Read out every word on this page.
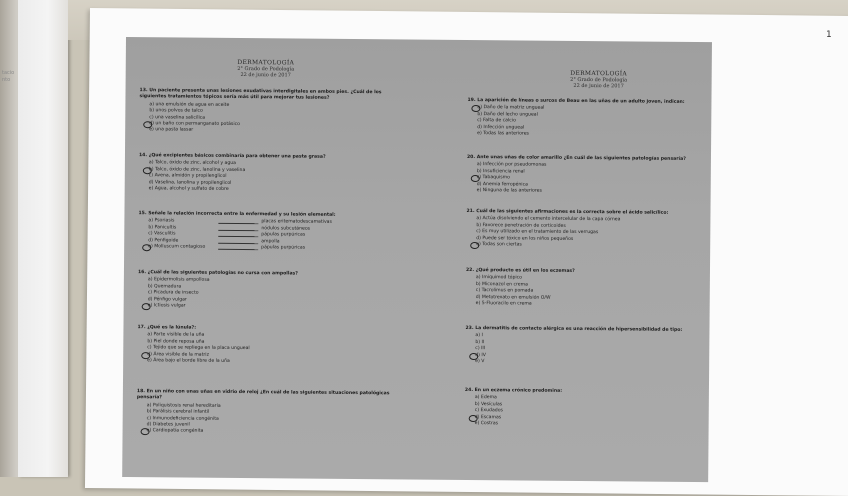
tacio
nto
1
DERMATOLOGÍA
2° Grado de Podología
22 de junio de 2017
13. Un paciente presenta unas lesiones exudativas interdigitales en ambos pies. ¿Cuál de los siguientes tratamientos tópicos sería más útil para mejorar tus lesiones?
a) una emulsión de agua en aceite
b) unos polvos de talco
c) una vaselina salicílica
d) un baño con permanganato potásico
e) una pasta lassar
14. ¿Qué excipientes básicos combinaría para obtener una pasta grasa?
a) Talco, óxido de zinc, alcohol y agua
b) Talco, óxido de zinc, lanolina y vaselina
c) Avena, almidón y propilenglicol
d) Vaselina, lanolina y propilenglicol
e) Agua, alcohol y sulfato de cobre
15. Señale la relación incorrecta entre la enfermedad y su lesión elemental:
a) Psoriasis	placas eritematodescamativas
b) Panicultis	nódulos subcutáneos
c) Vasculitis	pápulas purpúricas
d) Penfigoide	ampolla
e) Molluscum contagioso	pápulas purpúricas
16. ¿Cuál de las siguientes patologías no cursa con ampollas?
a) Epidermolisis ampollosa
b) Quemadura
c) Picadura de insecto
d) Pénfigo vulgar
e) Ictiosis vulgar
17. ¿Qué es la lúnula?:
a) Parte visible de la uña
b) Piel donde reposa uña
c) Tejido que se repliega en la placa ungueal
d) Área visible de la matriz
e) Área bajo el borde libre de la uña
18. En un niño con unas uñas en vidrio de reloj ¿En cuál de las siguientes situaciones patológicas pensaría?
a) Poliquistosis renal hereditaria
b) Parálisis cerebral infantil
c) Inmunodeficiencia congénita
d) Diabetes juvenil
e) Cardiopatía congénita
DERMATOLOGÍA
2° Grado de Podología
22 de junio de 2017
19. La aparición de líneas o surcos de Beau en las uñas de un adulto joven, indican:
a) Daño de la matriz ungueal
b) Daño del lecho ungueal
c) Falta de calcio
d) Infección ungueal
e) Todas las anteriores
20. Ante unas uñas de color amarillo ¿En cuál de las siguientes patologías pensaría?
a) Infección por pseudomonas
b) Insuficiencia renal
c) Tabaquismo
d) Anemia ferropénica
e) Ninguna de las anteriores
21. Cuál de las siguientes afirmaciones es la correcta sobre el ácido salicílico:
a) Actúa disolviendo el cemento intercelular de la capa córnea
b) Favorece penetración de corticoides
c) Es muy utilizado en el tratamiento de las verrugas
d) Puede ser tóxico en los niños pequeños
e) Todas son ciertas
22. ¿Qué producto es útil en los eczemas?
a) Imiquimod tópico
b) Miconazol en crema
c) Tacrolimus en pomada
d) Metotrexato en emulsión O/W
e) 5-Fluoracilo en crema
23. La dermatitis de contacto alérgica es una reacción de hipersensibilidad de tipo:
a) I
b) II
c) III
d) IV
e) V
24. En un eczema crónico predomina:
a) Edema
b) Vesículas
c) Exudados
d) Escamas
e) Costras
